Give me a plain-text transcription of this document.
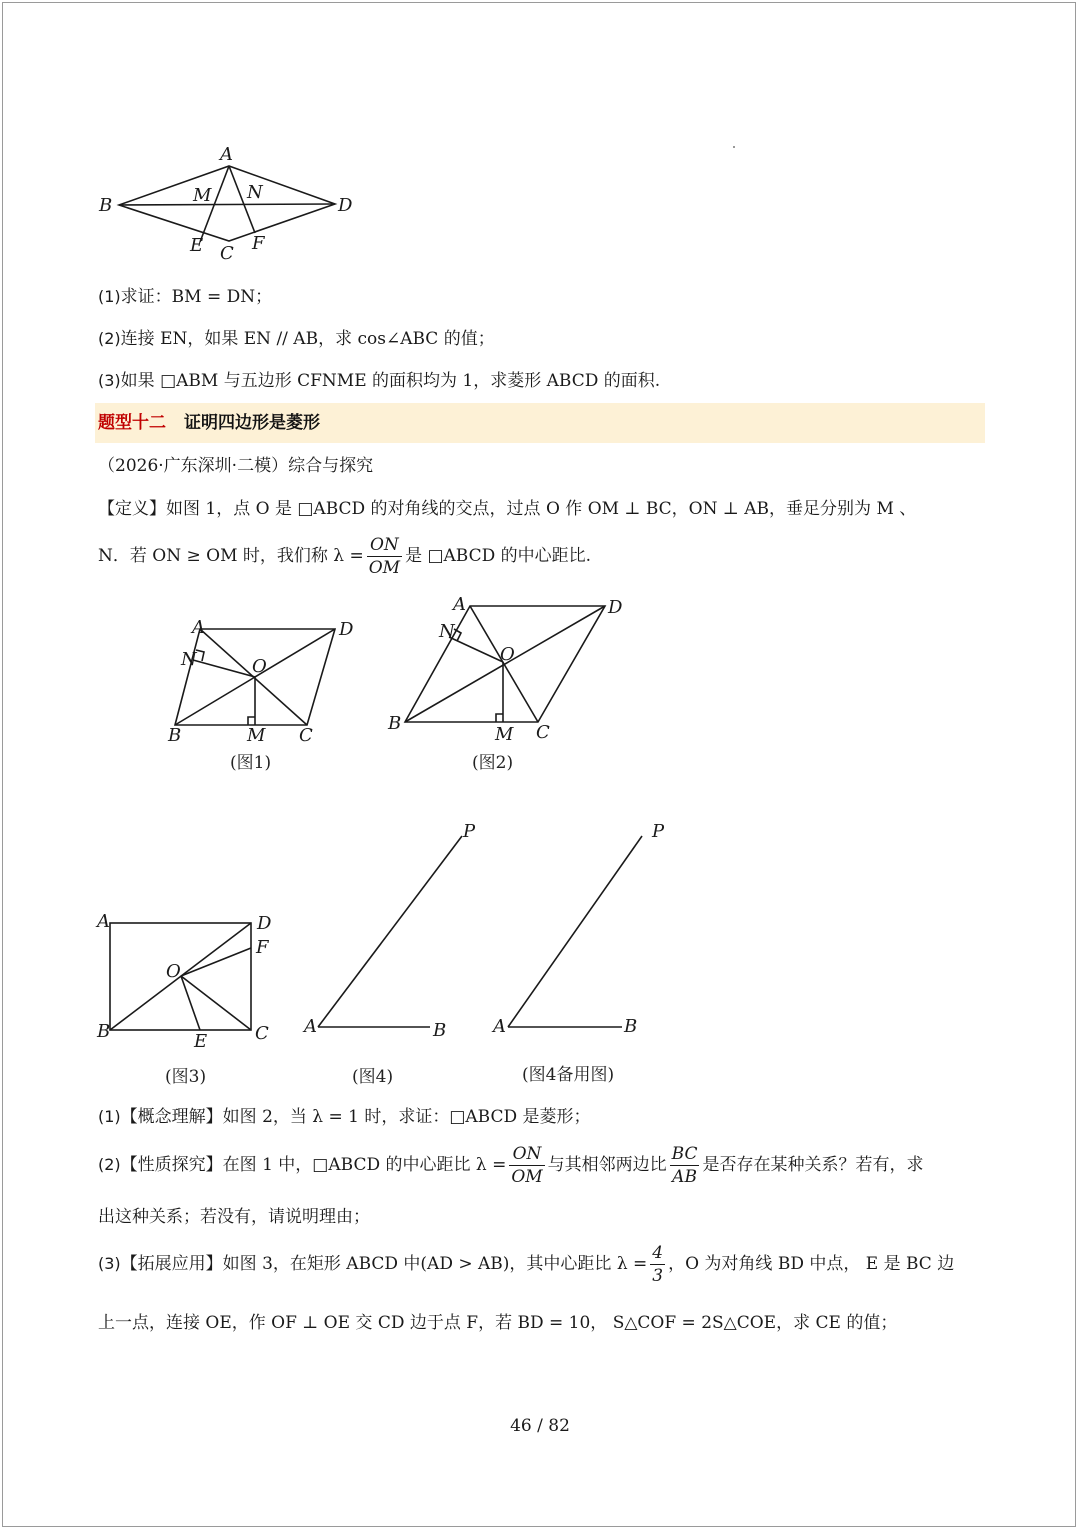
A
B	D
C
M N
E	F
(1)求证：BM = DN；
(2)连接 EN，如果 EN // AB，求 cos∠ABC 的值；
(3)如果 □ABM 与五边形 CFNME 的面积均为 1，求菱形 ABCD 的面积.
题型十二 证明四边形是菱形
（2026·广东深圳·二模）综合与探究
【定义】如图 1，点 O 是 □ABCD 的对角线的交点，过点 O 作 OM ⊥ BC，ON ⊥ AB，垂足分别为 M 、
N．若 ON ≥ OM 时，我们称 $\lambda = \frac{ON}{OM}$ 是 □ABCD 的中心距比.
A	D
N	O
B	M C
(图1)
A	D
N
O
B
M C
(图2)
A	D
F
O
B	E	C
(图3)
P
A	B
(图4)
P
A	B
(图4备用图)
(1)【概念理解】如图 2，当 λ = 1 时，求证：□ABCD 是菱形；
(2)【性质探究】在图 1 中，□ABCD 的中心距比 $\lambda = \frac{ON}{OM}$ 与其相邻两边比 $\frac{BC}{AB}$ 是否存在某种关系？若有，求
出这种关系；若没有，请说明理由；
(3)【拓展应用】如图 3，在矩形 ABCD 中(AD > AB)，其中心距比 $\lambda = \frac{4}{3}$ ，O 为对角线 BD 中点， E 是 BC 边
上一点，连接 OE，作 OF ⊥ OE 交 CD 边于点 F，若 BD = 10， S△COF = 2S△COE，求 CE 的值；
46 / 82
